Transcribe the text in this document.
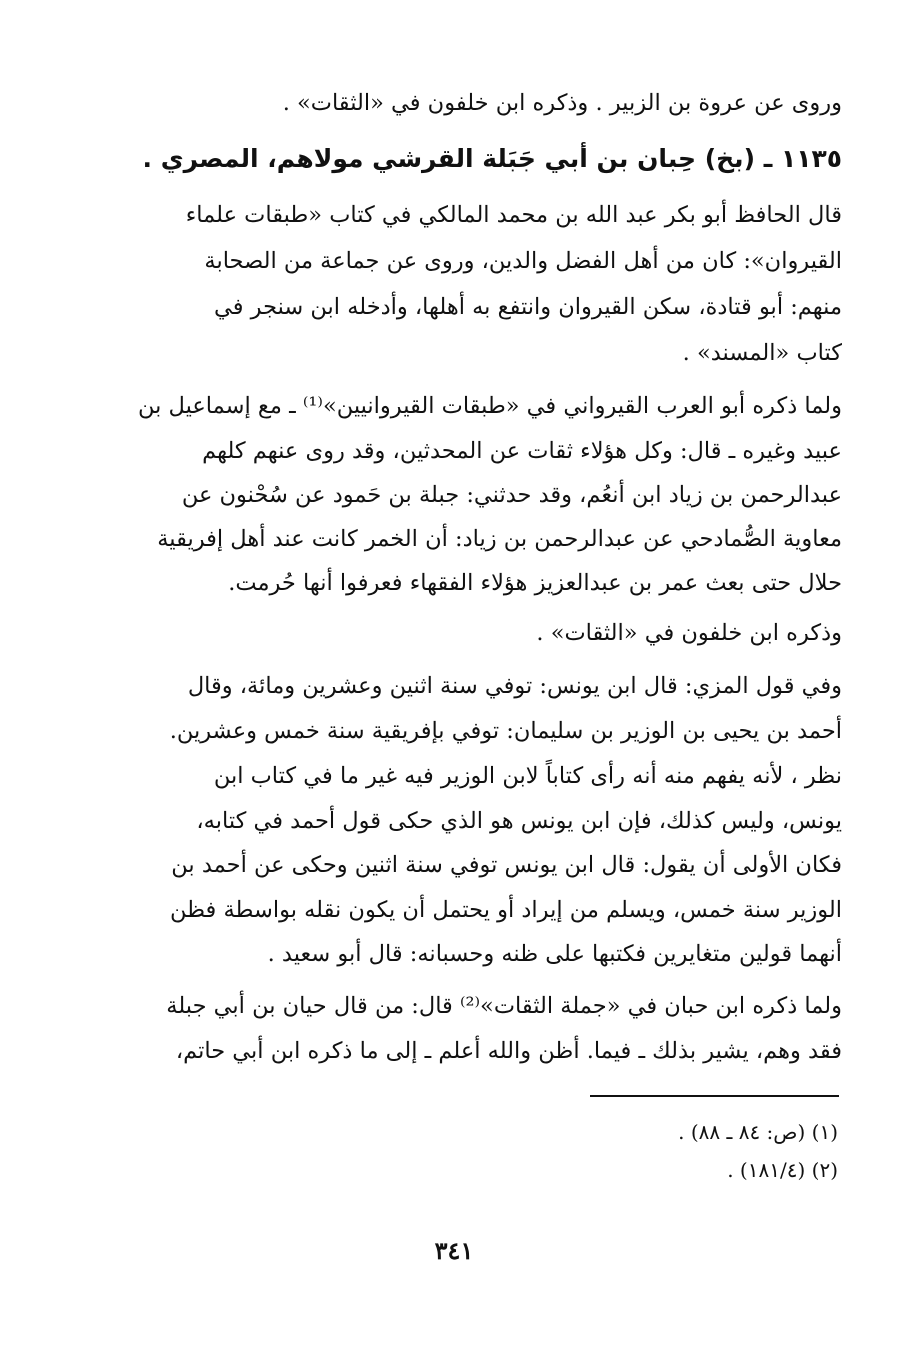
وروى عن عروة بن الزبير . وذكره ابن خلفون في «الثقات» .
١١٣٥ ـ (بخ) حِبان بن أبي جَبَلة القرشي مولاهم، المصري .
قال الحافظ أبو بكر عبد الله بن محمد المالكي في كتاب «طبقات علماء
القيروان»: كان من أهل الفضل والدين، وروى عن جماعة من الصحابة
منهم: أبو قتادة، سكن القيروان وانتفع به أهلها، وأدخله ابن سنجر في
كتاب «المسند» .
ولما ذكره أبو العرب القيرواني في «طبقات القيروانيين»⁽¹⁾ ـ مع إسماعيل بن
عبيد وغيره ـ قال: وكل هؤلاء ثقات عن المحدثين، وقد روى عنهم كلهم
عبدالرحمن بن زياد ابن أنعُم، وقد حدثني: جبلة بن حَمود عن سُحْنون عن
معاوية الصُّمادحي عن عبدالرحمن بن زياد: أن الخمر كانت عند أهل إفريقية
حلال حتى بعث عمر بن عبدالعزيز هؤلاء الفقهاء فعرفوا أنها حُرمت.
وذكره ابن خلفون في «الثقات» .
وفي قول المزي: قال ابن يونس: توفي سنة اثنين وعشرين ومائة، وقال
أحمد بن يحيى بن الوزير بن سليمان: توفي بإفريقية سنة خمس وعشرين.
نظر ، لأنه يفهم منه أنه رأى كتاباً لابن الوزير فيه غير ما في كتاب ابن
يونس، وليس كذلك، فإن ابن يونس هو الذي حكى قول أحمد في كتابه،
فكان الأولى أن يقول: قال ابن يونس توفي سنة اثنين وحكى عن أحمد بن
الوزير سنة خمس، ويسلم من إيراد أو يحتمل أن يكون نقله بواسطة فظن
أنهما قولين متغايرين فكتبها على ظنه وحسبانه: قال أبو سعيد .
ولما ذكره ابن حبان في «جملة الثقات»⁽²⁾ قال: من قال حيان بن أبي جبلة
فقد وهم، يشير بذلك ـ فيما. أظن والله أعلم ـ إلى ما ذكره ابن أبي حاتم،
(١) (ص: ٨٤ ـ ٨٨) .
(٢) (١٨١/٤) .
٣٤١
